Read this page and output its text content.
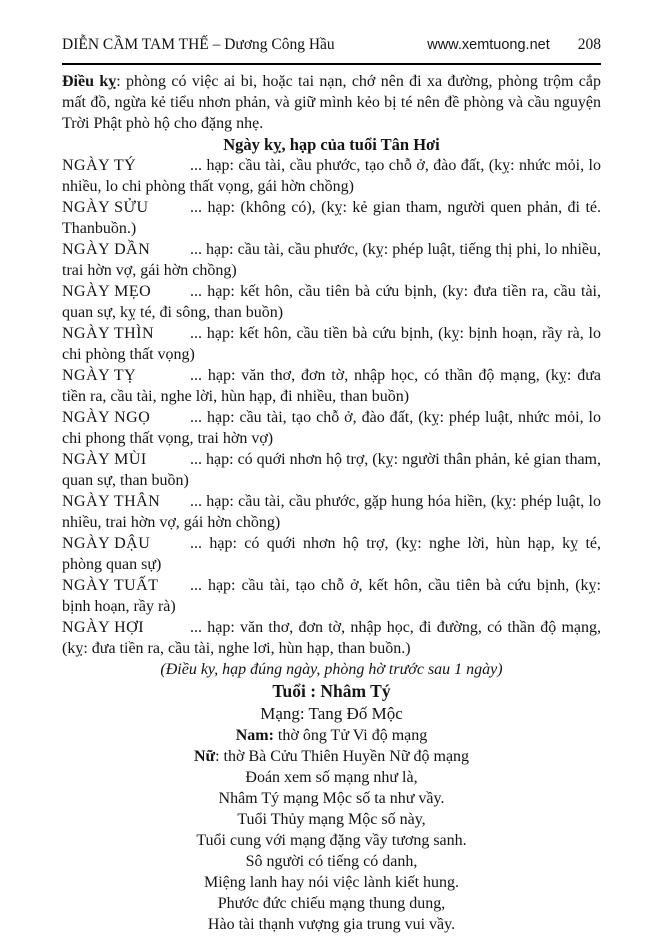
DIỄN CẦM TAM THẾ – Dương Công Hầu	www.xemtuong.net 208

Điều kỵ: phòng có việc ai bi, hoặc tai nạn, chớ nên đi xa đường, phòng trộm cắp mất đồ, ngừa kẻ tiểu nhơn phản, và giữ mình kẻo bị té nên đề phòng và cầu nguyện Trời Phật phò hộ cho đặng nhẹ.

Ngày kỵ, hạp của tuổi Tân Hơi

NGÀY TÝ	... hạp: cầu tài, cầu phước, tạo chỗ ở, đào đất, (kỵ: nhức mỏi, lo nhiều, lo chi phòng thất vọng, gái hờn chồng)

NGÀY SỬU	... hạp: (không có), (kỵ: kẻ gian tham, người quen phản, đi té. Thanbuồn.)

NGÀY DẦN ... hạp: cầu tài, cầu phước, (kỵ: phép luật, tiếng thị phi, lo nhiều, trai hờn vợ, gái hờn chồng)

NGÀY MẸO ... hạp: kết hôn, cầu tiên bà cứu bịnh, (ky: đưa tiền ra, cầu tài, quan sự, kỵ té, đi sông, than buồn)

NGÀY THÌN ... hạp: kết hôn, cầu tiền bà cứu bịnh, (kỵ: bịnh hoạn, rầy rà, lo chi phòng thất vọng)

NGÀY TỴ	... hạp: văn thơ, đơn tờ, nhập học, có thần độ mạng, (kỵ: đưa tiền ra, cầu tài, nghe lời, hùn hạp, đi nhiều, than buồn)

NGÀY NGỌ ... hạp: cầu tài, tạo chỗ ở, đào đất, (kỵ: phép luật, nhức mỏi, lo chi phong thất vọng, trai hờn vợ)

NGÀY MÙI	... hạp: có quới nhơn hộ trợ, (kỵ: người thân phản, kẻ gian tham, quan sự, than buồn)

NGÀY THÂN ... hạp: cầu tài, cầu phước, gặp hung hóa hiền, (kỵ: phép luật, lo nhiều, trai hờn vợ, gái hờn chồng)

NGÀY DẬU ... hạp: có quới nhơn hộ trợ, (kỵ: nghe lời, hùn hạp, kỵ té, phòng quan sự)

NGÀY TUẤT ... hạp: cầu tài, tạo chỗ ở, kết hôn, cầu tiên bà cứu bịnh, (kỵ: bịnh hoạn, rầy rà)

NGÀY HỢI	... hạp: văn thơ, đơn tờ, nhập học, đi đường, có thần độ mạng, (kỵ: đưa tiền ra, cầu tài, nghe lơi, hùn hạp, than buồn.)

(Điều ky, hạp đúng ngày, phòng hờ trước sau 1 ngày)

Tuổi : Nhâm Tý

Mạng: Tang Đố Mộc

Nam: thờ ông Tử Vi độ mạng

Nữ: thờ Bà Cửu Thiên Huyền Nữ độ mạng

Đoán xem số mạng như là,

Nhâm Tý mạng Mộc số ta như vầy.

Tuổi Thủy mạng Mộc số này,

Tuổi cung với mạng đặng vầy tương sanh.

Sô người có tiếng có danh,

Miệng lanh hay nói việc lành kiết hung.

Phước đức chiếu mạng thung dung,

Hào tài thạnh vượng gia trung vui vầy.
